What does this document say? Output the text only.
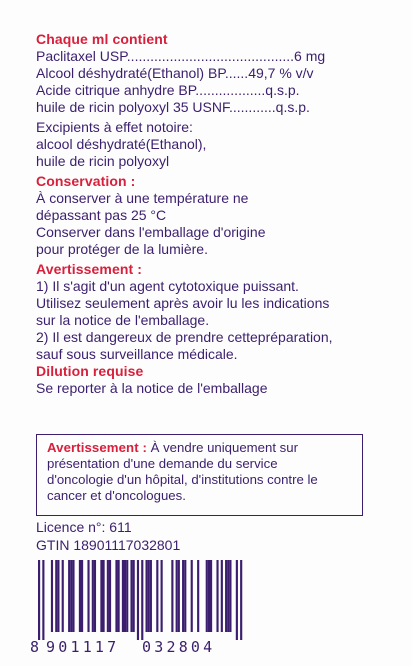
Chaque ml contient
Paclitaxel USP...........................................6 mg
Alcool déshydraté(Ethanol) BP......49,7 % v/v
Acide citrique anhydre BP..................q.s.p.
huile de ricin polyoxyl 35 USNF............q.s.p.
Excipients à effet notoire:
alcool déshydraté(Ethanol),
huile de ricin polyoxyl
Conservation :
À conserver à une température ne
dépassant pas 25 °C
Conserver dans l'emballage d'origine
pour protéger de la lumière.
Avertissement :
1) Il s'agit d'un agent cytotoxique puissant.
Utilisez seulement après avoir lu les indications
sur la notice de l'emballage.
2) Il est dangereux de prendre cettepréparation,
sauf sous surveillance médicale.
Dilution requise
Se reporter à la notice de l'emballage
Avertissement : À vendre uniquement sur
présentation d'une demande du service
d'oncologie d'un hôpital, d'institutions contre le
cancer et d'oncologues.
Licence n°: 611
GTIN 18901117032801
8 901117 032804
